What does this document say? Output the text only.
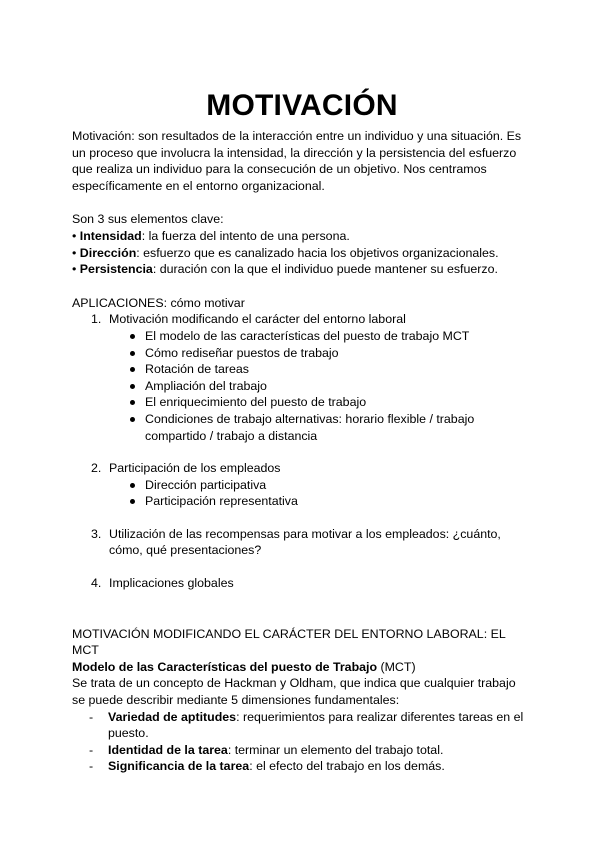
MOTIVACIÓN

Motivación: son resultados de la interacción entre un individuo y una situación. Es un proceso que involucra la intensidad, la dirección y la persistencia del esfuerzo que realiza un individuo para la consecución de un objetivo. Nos centramos específicamente en el entorno organizacional.

Son 3 sus elementos clave:

• Intensidad: la fuerza del intento de una persona.

• Dirección: esfuerzo que es canalizado hacia los objetivos organizacionales.

• Persistencia: duración con la que el individuo puede mantener su esfuerzo.

APLICACIONES: cómo motivar

1. Motivación modificando el carácter del entorno laboral
El modelo de las características del puesto de trabajo MCT
Cómo rediseñar puestos de trabajo
Rotación de tareas
Ampliación del trabajo
El enriquecimiento del puesto de trabajo
Condiciones de trabajo alternativas: horario flexible / trabajo compartido / trabajo a distancia
2. Participación de los empleados
Dirección participativa
Participación representativa
3. Utilización de las recompensas para motivar a los empleados: ¿cuánto, cómo, qué presentaciones?
4. Implicaciones globales

MOTIVACIÓN MODIFICANDO EL CARÁCTER DEL ENTORNO LABORAL: EL MCT

Modelo de las Características del puesto de Trabajo (MCT)

Se trata de un concepto de Hackman y Oldham, que indica que cualquier trabajo se puede describir mediante 5 dimensiones fundamentales:

- Variedad de aptitudes: requerimientos para realizar diferentes tareas en el puesto.
- Identidad de la tarea: terminar un elemento del trabajo total.
- Significancia de la tarea: el efecto del trabajo en los demás.
